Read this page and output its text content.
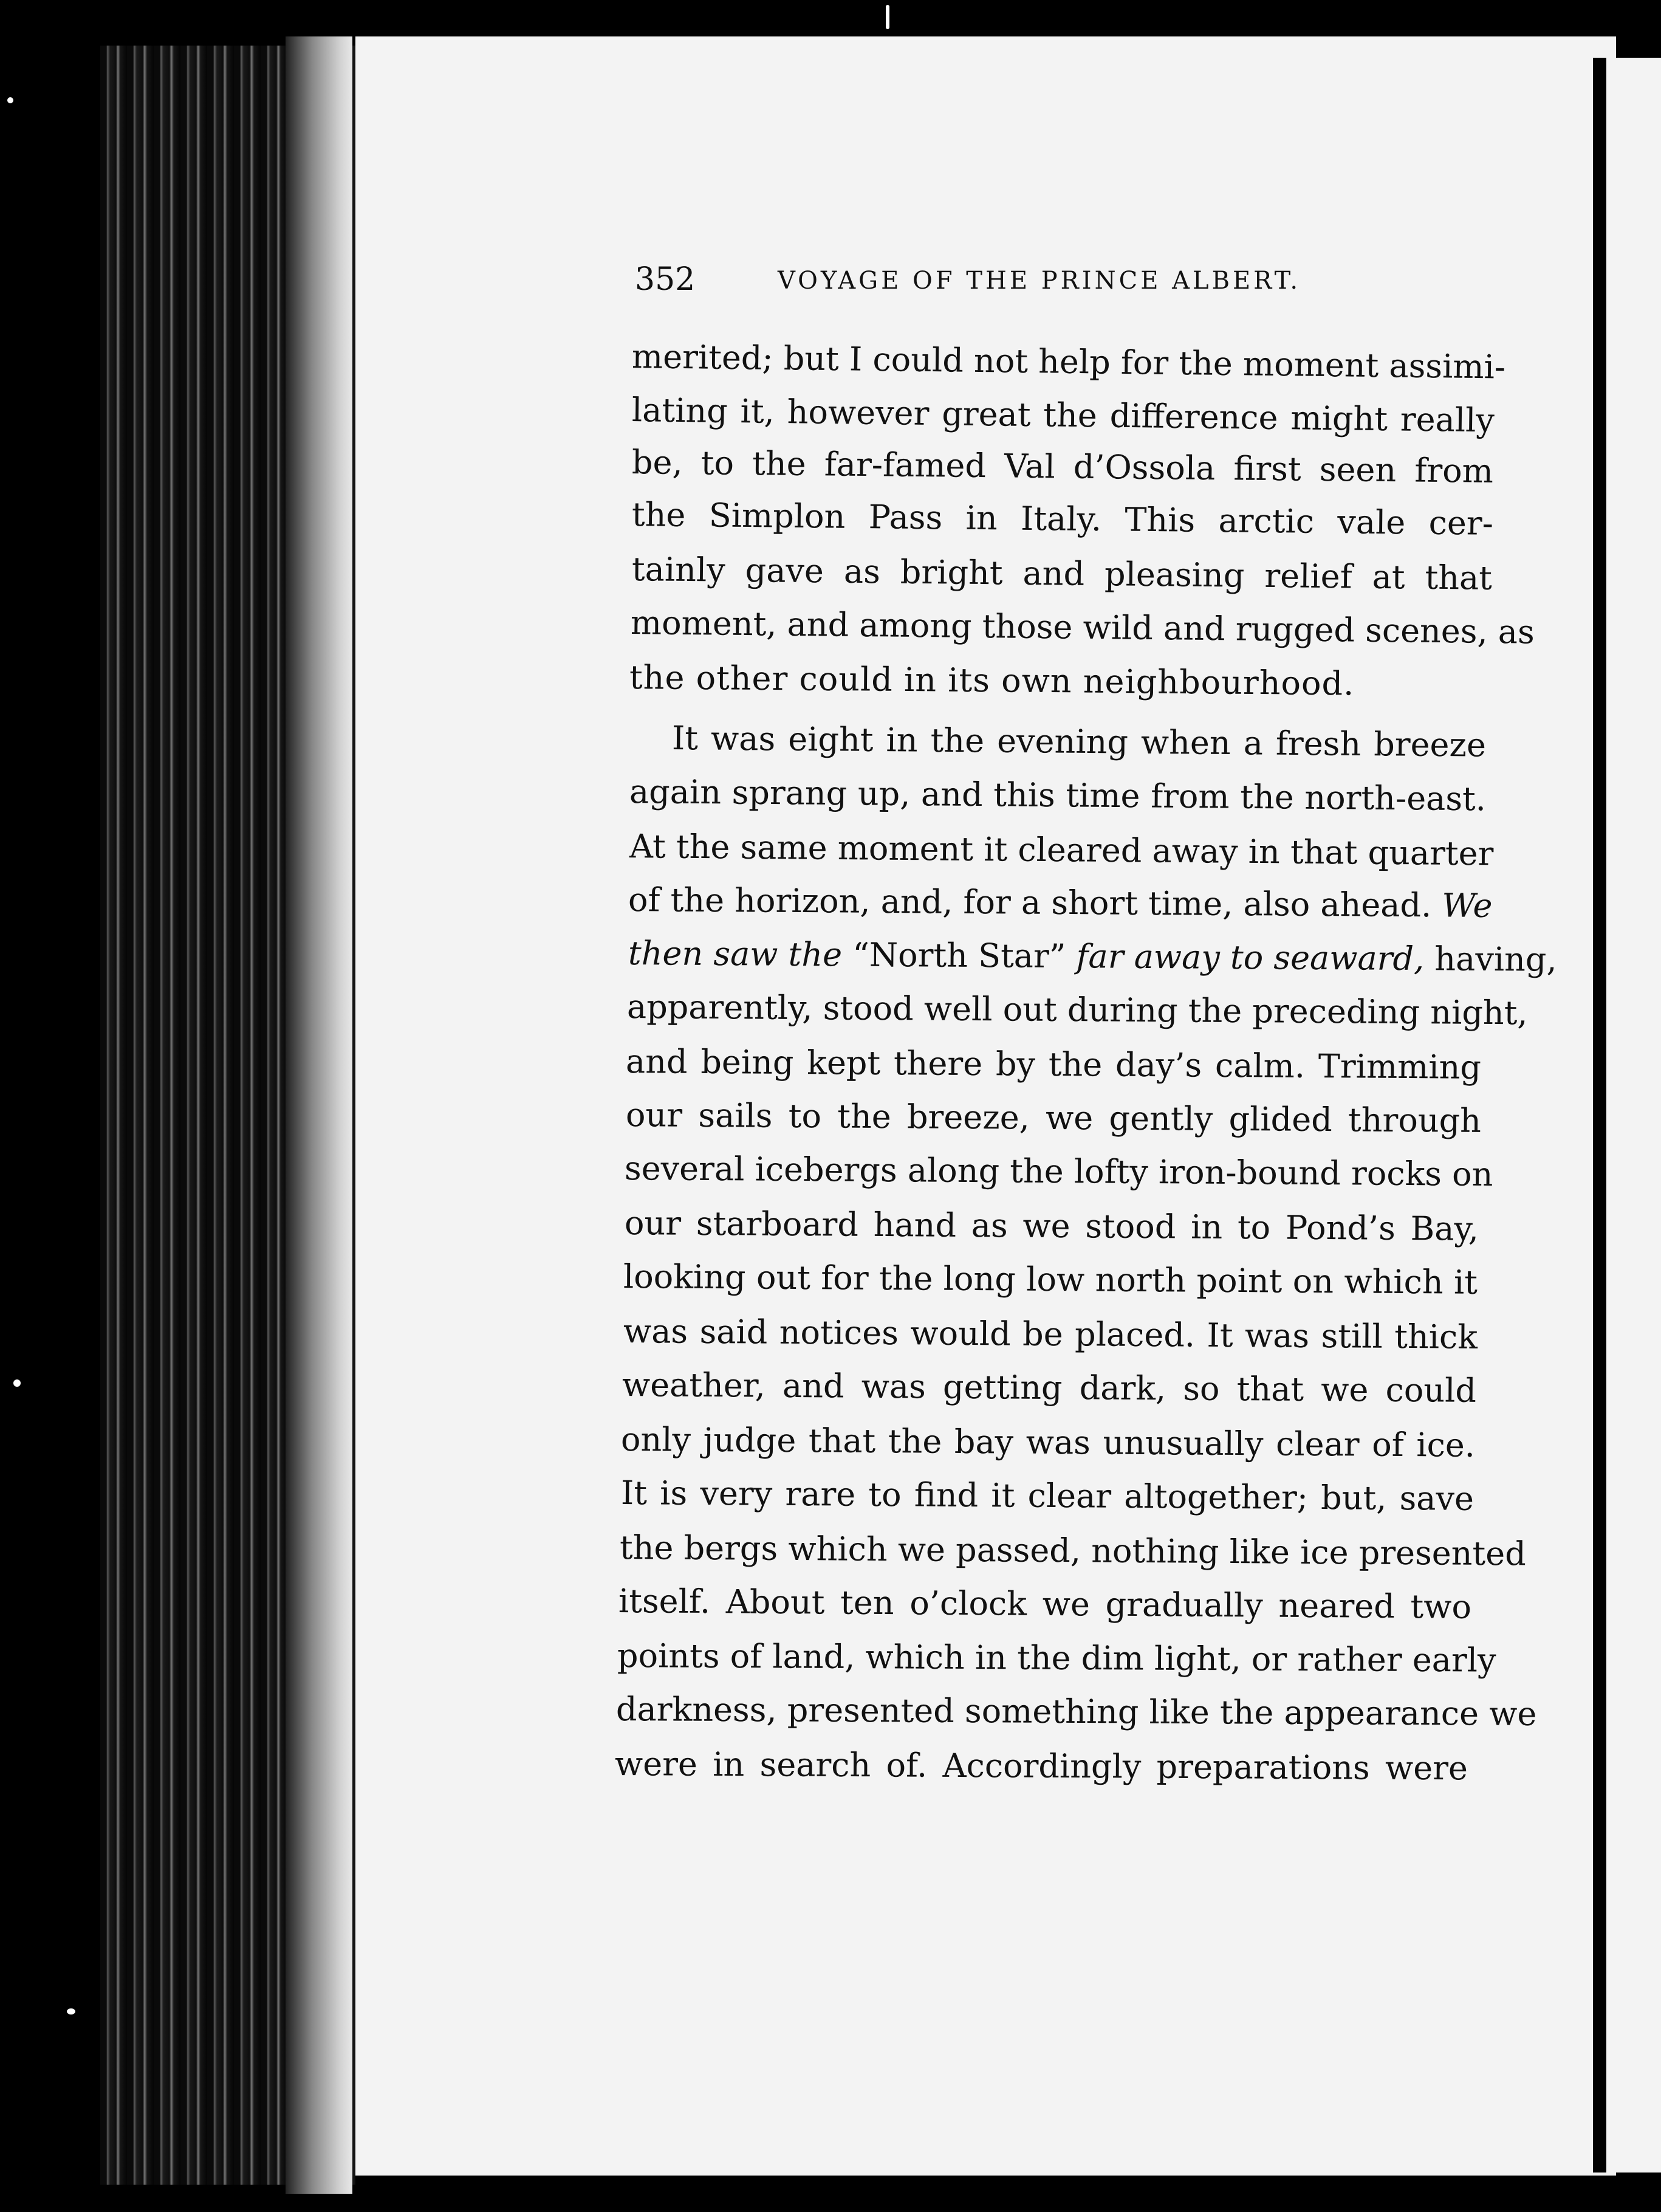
352	VOYAGE OF THE PRINCE ALBERT.
merited; but I could not help for the moment assimi-
lating it, however great the difference might really
be, to the far-famed Val d’Ossola first seen from
the Simplon Pass in Italy. This arctic vale cer-
tainly gave as bright and pleasing relief at that
moment, and among those wild and rugged scenes, as
the other could in its own neighbourhood.
It was eight in the evening when a fresh breeze
again sprang up, and this time from the north-east.
At the same moment it cleared away in that quarter
of the horizon, and, for a short time, also ahead. We
then saw the “North Star” far away to seaward, having,
apparently, stood well out during the preceding night,
and being kept there by the day’s calm. Trimming
our sails to the breeze, we gently glided through
several icebergs along the lofty iron-bound rocks on
our starboard hand as we stood in to Pond’s Bay,
looking out for the long low north point on which it
was said notices would be placed. It was still thick
weather, and was getting dark, so that we could
only judge that the bay was unusually clear of ice.
It is very rare to find it clear altogether; but, save
the bergs which we passed, nothing like ice presented
itself. About ten o’clock we gradually neared two
points of land, which in the dim light, or rather early
darkness, presented something like the appearance we
were in search of. Accordingly preparations were
